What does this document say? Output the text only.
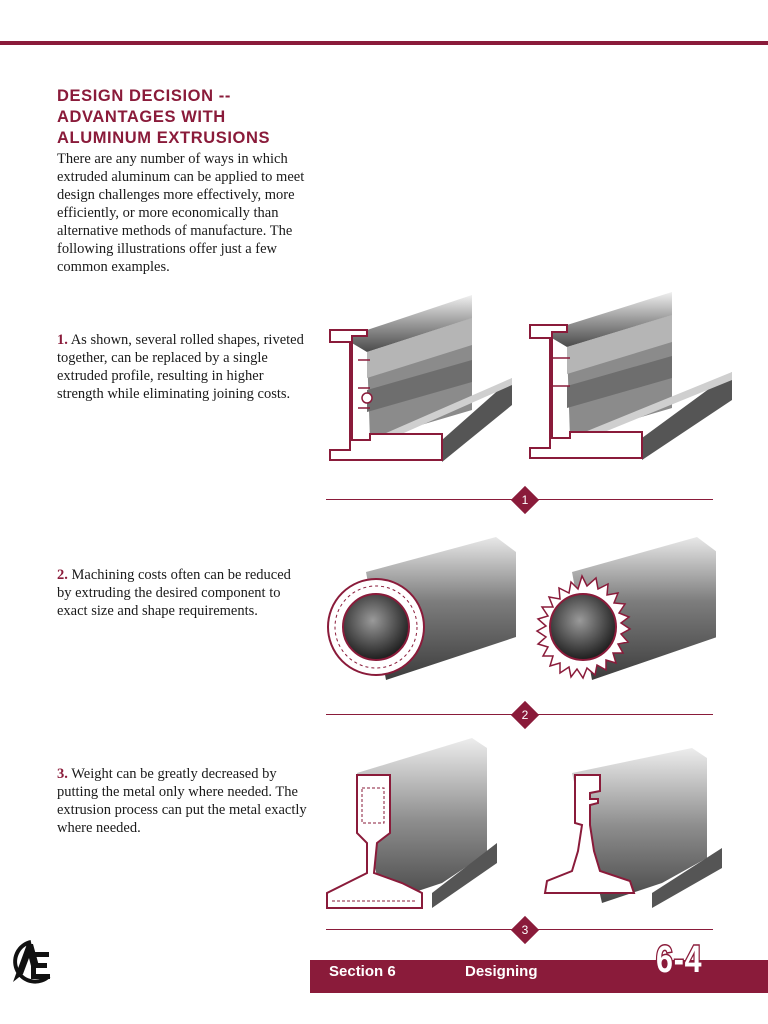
DESIGN DECISION --
ADVANTAGES WITH
ALUMINUM EXTRUSIONS
There are any number of ways in which extruded aluminum can be applied to meet design challenges more effectively, more efficiently, or more economically than alternative methods of manufacture. The following illustrations offer just a few common examples.
1. As shown, several rolled shapes, riveted together, can be replaced by a single extruded profile, resulting in higher strength while eliminating joining costs.
2. Machining costs often can be reduced by extruding the desired component to exact size and shape requirements.
3. Weight can be greatly decreased by putting the metal only where needed. The extrusion process can put the metal exactly where needed.
1
2
3
Section 6	Designing	6-4
